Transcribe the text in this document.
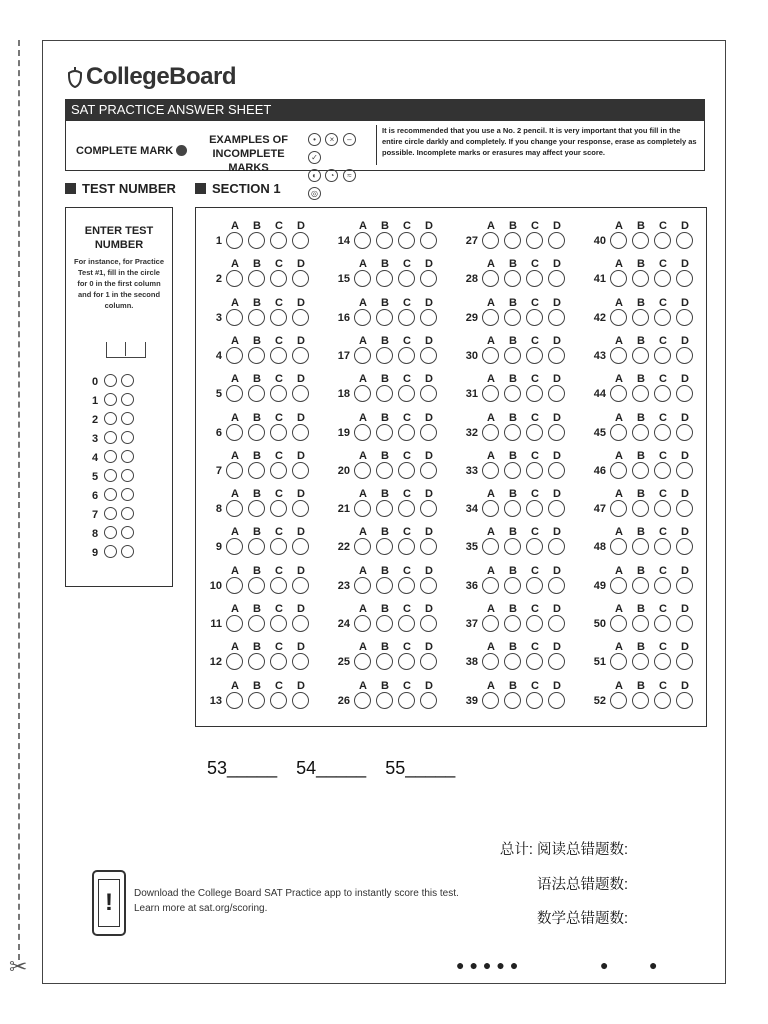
✂
CollegeBoard
SAT PRACTICE ANSWER SHEET
COMPLETE MARK
EXAMPLES OF INCOMPLETE MARKS
• × – ✓
◐ ◔ ≈ ◎
It is recommended that you use a No. 2 pencil. It is very important that you fill in the entire circle darkly and completely. If you change your response, erase as completely as possible. Incomplete marks or erasures may affect your score.
TEST NUMBER	SECTION 1
ENTER TEST NUMBER
For instance, for Practice Test #1, fill in the circle for 0 in the first column and for 1 in the second column.
0
1
2
3
4
5
6
7
8
9
A B C D
1
A B C D
2
A B C D
3
A B C D
4
A B C D
5
A B C D
6
A B C D
7
A B C D
8
A B C D
9
A B C D
10
A B C D
11
A B C D
12
A B C D
13
A B C D
14
A B C D
15
A B C D
16
A B C D
17
A B C D
18
A B C D
19
A B C D
20
A B C D
21
A B C D
22
A B C D
23
A B C D
24
A B C D
25
A B C D
26
A B C D
27
A B C D
28
A B C D
29
A B C D
30
A B C D
31
A B C D
32
A B C D
33
A B C D
34
A B C D
35
A B C D
36
A B C D
37
A B C D
38
A B C D
39
A B C D
40
A B C D
41
A B C D
42
A B C D
43
A B C D
44
A B C D
45
A B C D
46
A B C D
47
A B C D
48
A B C D
49
A B C D
50
A B C D
51
A B C D
52
53_____ 54_____ 55_____
总计: 阅读总错题数:
语法总错题数:
数学总错题数:
!	Download the College Board SAT Practice app to instantly score this test.
Learn more at sat.org/scoring.
●●●●●	●    ●
